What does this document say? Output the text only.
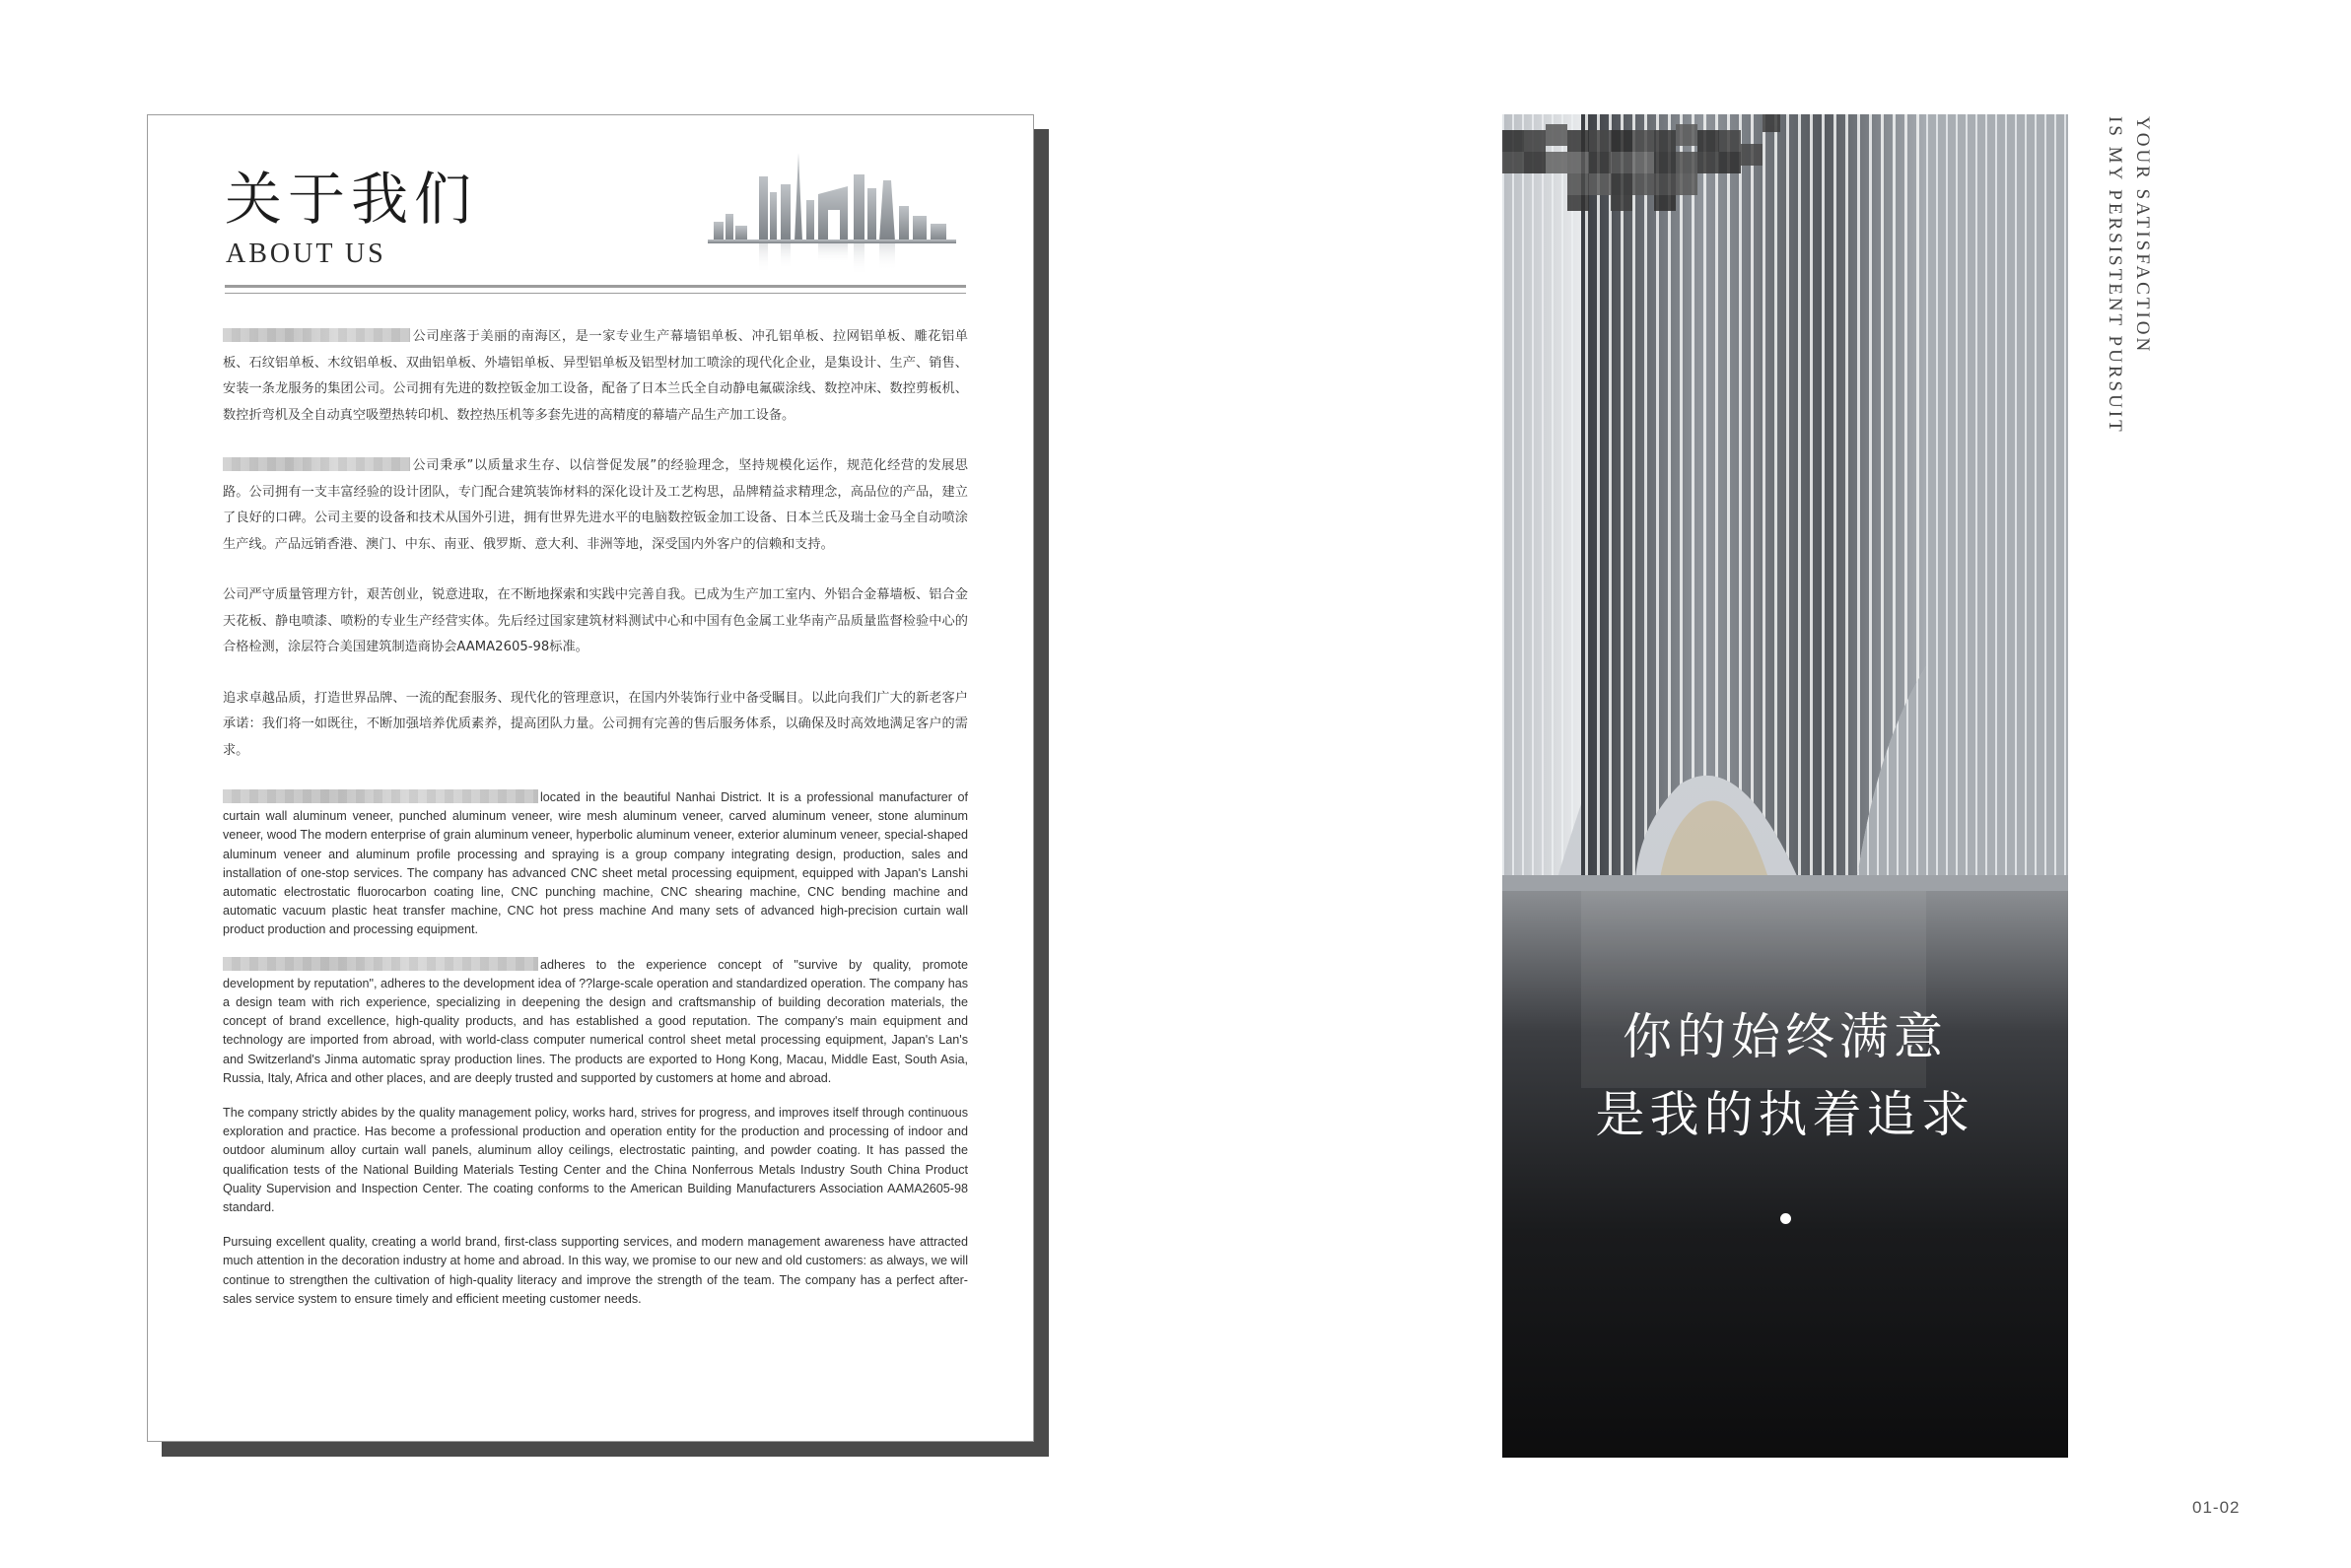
关于我们
ABOUT US

公司座落于美丽的南海区，是一家专业生产幕墙铝单板、冲孔铝单板、拉网铝单板、雕花铝单板、石纹铝单板、木纹铝单板、双曲铝单板、外墙铝单板、异型铝单板及铝型材加工喷涂的现代化企业，是集设计、生产、销售、安装一条龙服务的集团公司。公司拥有先进的数控钣金加工设备，配备了日本兰氏全自动静电氟碳涂线、数控冲床、数控剪板机、数控折弯机及全自动真空吸塑热转印机、数控热压机等多套先进的高精度的幕墙产品生产加工设备。

公司秉承”以质量求生存、以信誉促发展”的经验理念，坚持规模化运作，规范化经营的发展思路。公司拥有一支丰富经验的设计团队，专门配合建筑装饰材料的深化设计及工艺构思，品牌精益求精理念，高品位的产品，建立了良好的口碑。公司主要的设备和技术从国外引进，拥有世界先进水平的电脑数控钣金加工设备、日本兰氏及瑞士金马全自动喷涂生产线。产品远销香港、澳门、中东、南亚、俄罗斯、意大利、非洲等地，深受国内外客户的信赖和支持。

公司严守质量管理方针，艰苦创业，锐意进取，在不断地探索和实践中完善自我。已成为生产加工室内、外铝合金幕墙板、铝合金天花板、静电喷漆、喷粉的专业生产经营实体。先后经过国家建筑材料测试中心和中国有色金属工业华南产品质量监督检验中心的合格检测，涂层符合美国建筑制造商协会AAMA2605-98标准。

追求卓越品质，打造世界品牌、一流的配套服务、现代化的管理意识，在国内外装饰行业中备受瞩目。以此向我们广大的新老客户承诺：我们将一如既往，不断加强培养优质素养，提高团队力量。公司拥有完善的售后服务体系，以确保及时高效地满足客户的需求。

located in the beautiful Nanhai District. It is a professional manufacturer of curtain wall aluminum veneer, punched aluminum veneer, wire mesh aluminum veneer, carved aluminum veneer, stone aluminum veneer, wood The modern enterprise of grain aluminum veneer, hyperbolic aluminum veneer, exterior aluminum veneer, special-shaped aluminum veneer and aluminum profile processing and spraying is a group company integrating design, production, sales and installation of one-stop services. The company has advanced CNC sheet metal processing equipment, equipped with Japan's Lanshi automatic electrostatic fluorocarbon coating line, CNC punching machine, CNC shearing machine, CNC bending machine and automatic vacuum plastic heat transfer machine, CNC hot press machine And many sets of advanced high-precision curtain wall product production and processing equipment.

adheres to the experience concept of "survive by quality, promote development by reputation", adheres to the development idea of ??large-scale operation and standardized operation. The company has a design team with rich experience, specializing in deepening the design and craftsmanship of building decoration materials, the concept of brand excellence, high-quality products, and has established a good reputation. The company's main equipment and technology are imported from abroad, with world-class computer numerical control sheet metal processing equipment, Japan's Lan's and Switzerland's Jinma automatic spray production lines. The products are exported to Hong Kong, Macau, Middle East, South Asia, Russia, Italy, Africa and other places, and are deeply trusted and supported by customers at home and abroad.

The company strictly abides by the quality management policy, works hard, strives for progress, and improves itself through continuous exploration and practice. Has become a professional production and operation entity for the production and processing of indoor and outdoor aluminum alloy curtain wall panels, aluminum alloy ceilings, electrostatic painting, and powder coating. It has passed the qualification tests of the National Building Materials Testing Center and the China Nonferrous Metals Industry South China Product Quality Supervision and Inspection Center. The coating conforms to the American Building Manufacturers Association AAMA2605-98 standard.

Pursuing excellent quality, creating a world brand, first-class supporting services, and modern management awareness have attracted much attention in the decoration industry at home and abroad. In this way, we promise to our new and old customers: as always, we will continue to strengthen the cultivation of high-quality literacy and improve the strength of the team. The company has a perfect after-sales service system to ensure timely and efficient meeting customer needs.

你的始终满意
是我的执着追求
YOUR SATISFACTION
IS MY PERSISTENT PURSUIT
01-02
